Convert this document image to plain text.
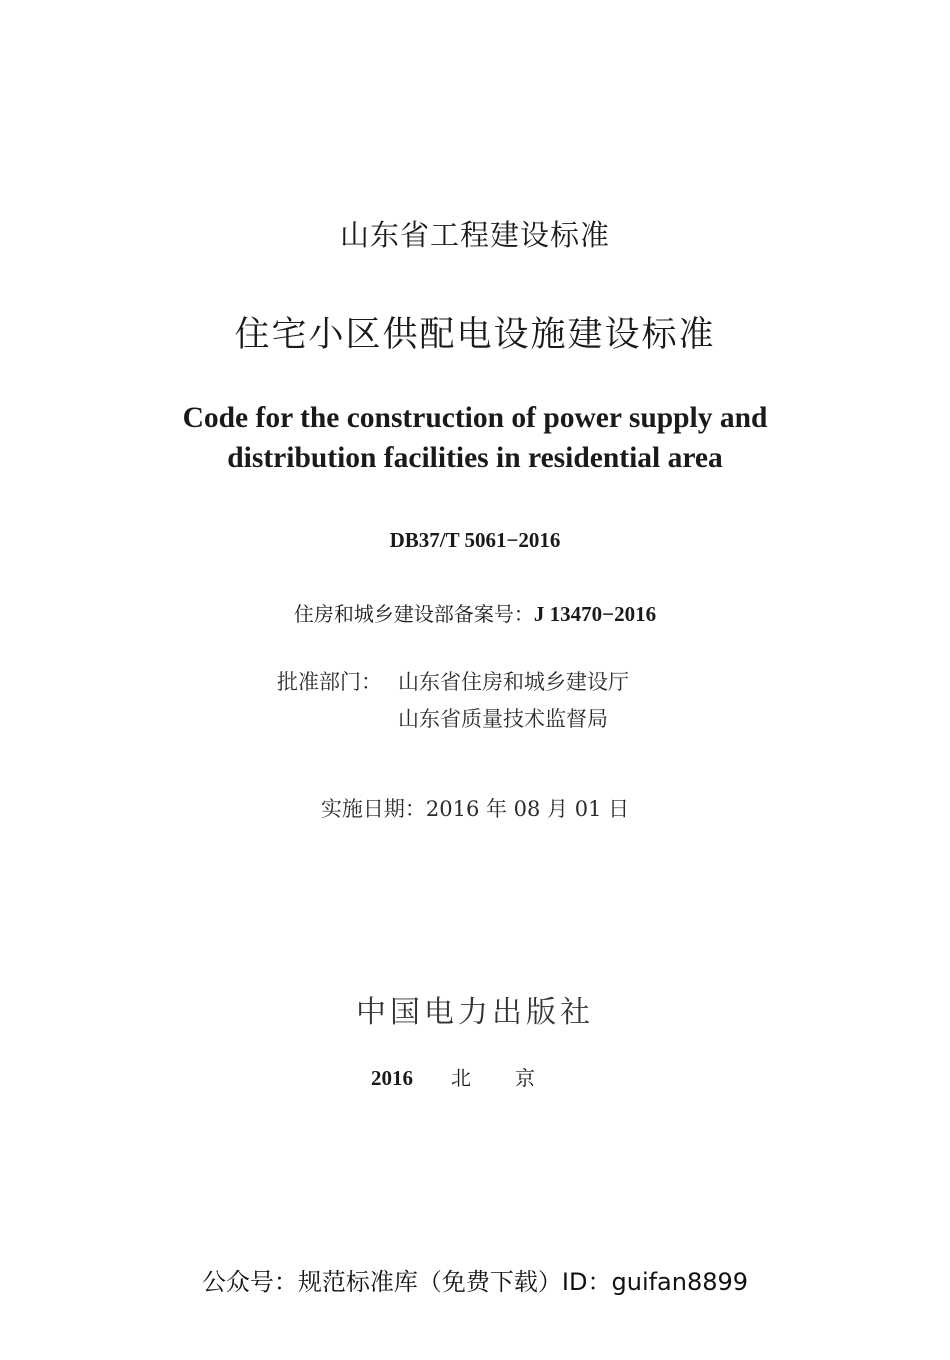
山东省工程建设标准
住宅小区供配电设施建设标准
Code for the construction of power supply and
distribution facilities in residential area
DB37/T 5061−2016
住房和城乡建设部备案号：J 13470−2016
批准部门： 山东省住房和城乡建设厅
山东省质量技术监督局
实施日期：2016 年 08 月 01 日
中国电力出版社
2016 北京
公众号：规范标准库（免费下载）ID：guifan8899
